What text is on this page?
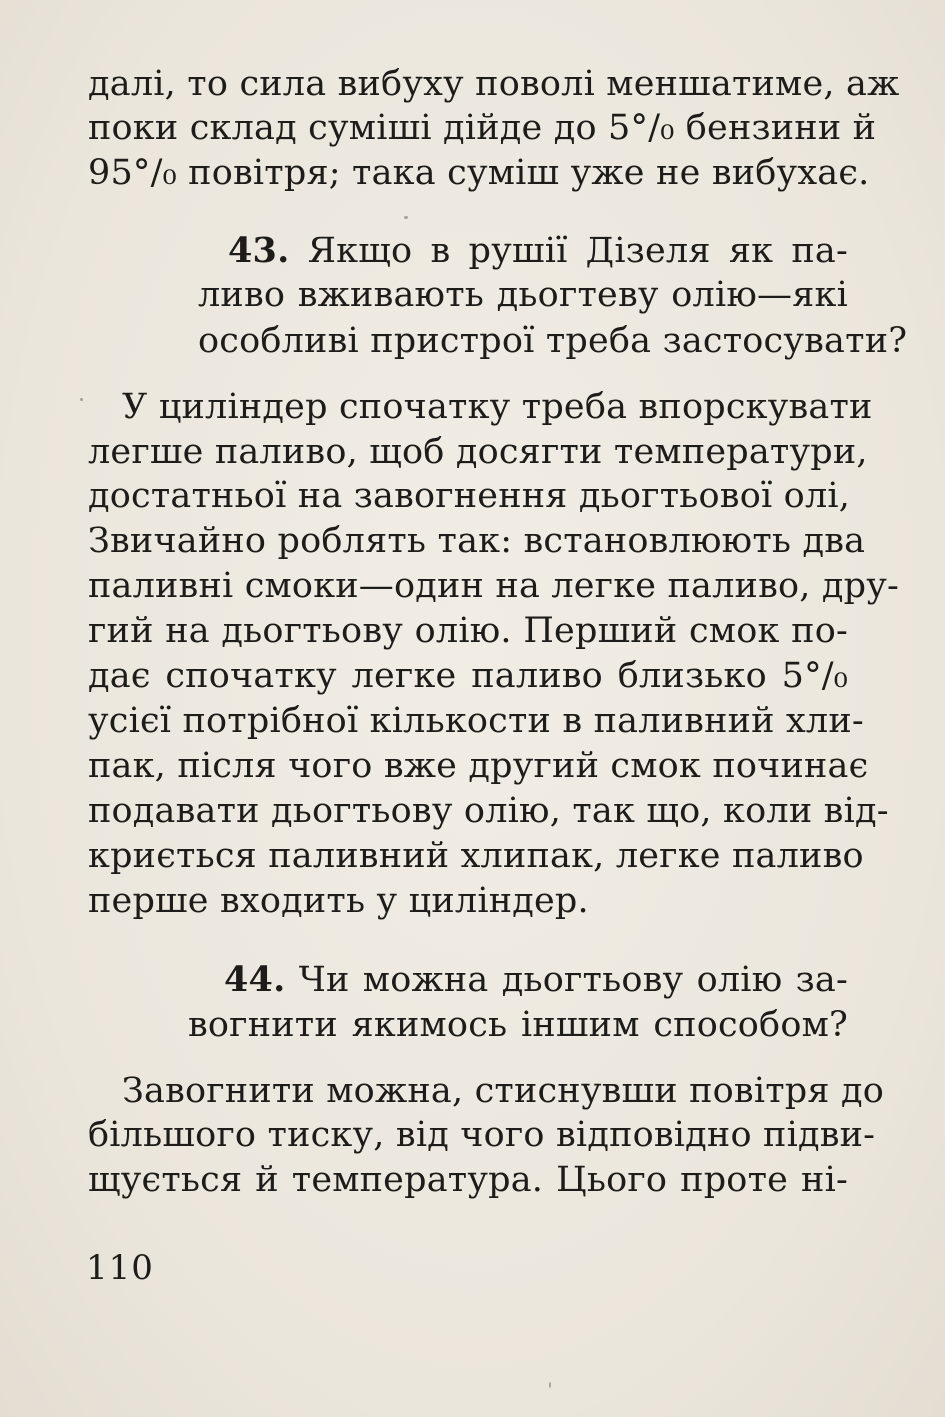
далі, то сила вибуху поволі меншатиме, аж
поки склад суміші дійде до 5°/₀ бензини й
95°/₀ повітря; така суміш уже не вибухає.
43. Якщо в рушії Дізеля як па-
ливо вживають дьогтеву олію—які
особливі пристрої треба застосувати?
У циліндер спочатку треба впорскувати
легше паливо, щоб досягти температури,
достатньої на завогнення дьогтьової олі,
Звичайно роблять так: встановлюють два
паливні смоки—один на легке паливо, дру-
гий на дьогтьову олію. Перший смок по-
дає спочатку легке паливо близько 5°/₀
усієї потрібної кількости в паливний хли-
пак, після чого вже другий смок починає
подавати дьогтьову олію, так що, коли від-
криється паливний хлипак, легке паливо
перше входить у циліндер.
44. Чи можна дьогтьову олію за-
вогнити якимось іншим способом?
Завогнити можна, стиснувши повітря до
більшого тиску, від чого відповідно підви-
щується й температура. Цього проте ні-
110
